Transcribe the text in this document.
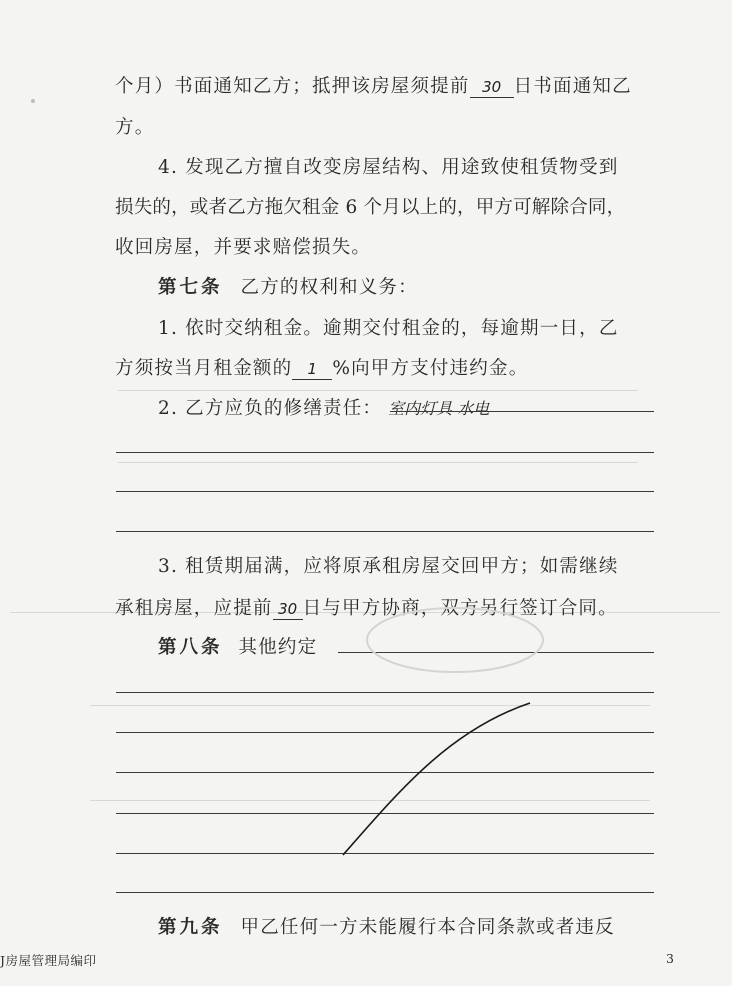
个月）书面通知乙方；抵押该房屋须提前 30 日书面通知乙
方。
4. 发现乙方擅自改变房屋结构、用途致使租赁物受到
损失的，或者乙方拖欠租金 6 个月以上的，甲方可解除合同，
收回房屋，并要求赔偿损失。
第七条 乙方的权利和义务：
1. 依时交纳租金。逾期交付租金的，每逾期一日，乙
方须按当月租金额的 1 %向甲方支付违约金。
2. 乙方应负的修缮责任： 室内灯具 水电
3. 租赁期届满，应将原承租房屋交回甲方；如需继续
承租房屋，应提前 30 日与甲方协商，双方另行签订合同。
第八条 其他约定
第九条 甲乙任何一方未能履行本合同条款或者违反
J房屋管理局编印	3
